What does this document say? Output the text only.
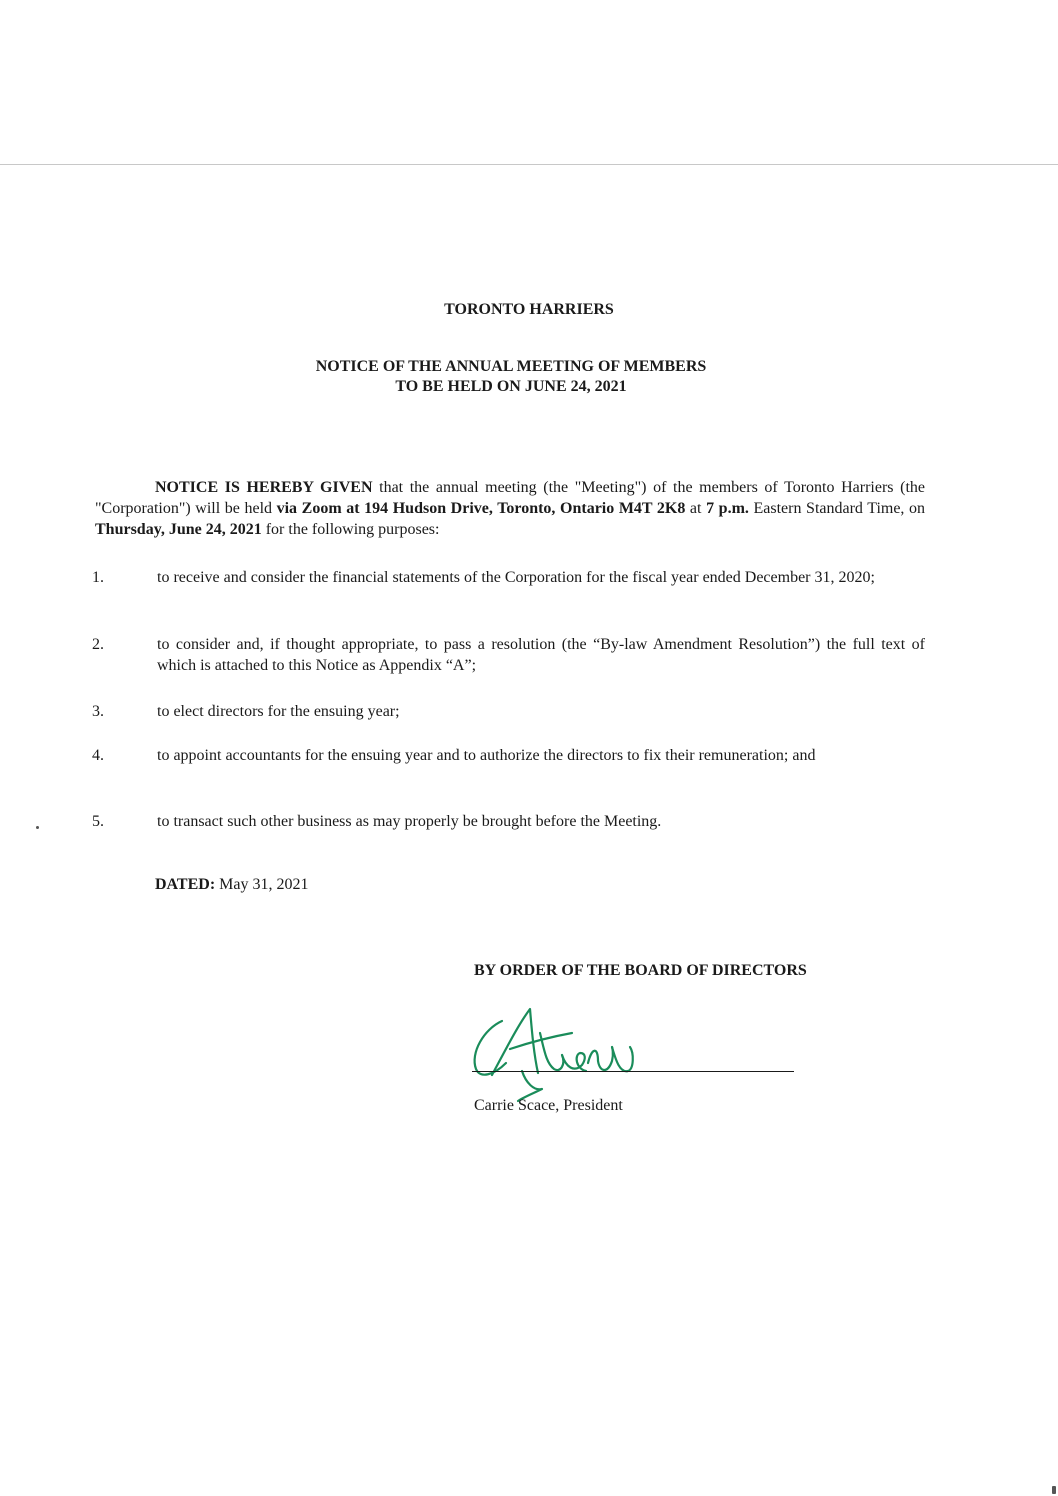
TORONTO HARRIERS
NOTICE OF THE ANNUAL MEETING OF MEMBERS
TO BE HELD ON JUNE 24, 2021

NOTICE IS HEREBY GIVEN that the annual meeting (the "Meeting") of the members of Toronto Harriers (the "Corporation") will be held via Zoom at 194 Hudson Drive, Toronto, Ontario M4T 2K8 at 7 p.m. Eastern Standard Time, on Thursday, June 24, 2021 for the following purposes:

1.	to receive and consider the financial statements of the Corporation for the fiscal year ended December 31, 2020;
2.	to consider and, if thought appropriate, to pass a resolution (the “By-law Amendment Resolution”) the full text of which is attached to this Notice as Appendix “A”;
3.	to elect directors for the ensuing year;
4.	to appoint accountants for the ensuing year and to authorize the directors to fix their remuneration; and
5.	to transact such other business as may properly be brought before the Meeting.
DATED: May 31, 2021
BY ORDER OF THE BOARD OF DIRECTORS
Carrie Scace, President
